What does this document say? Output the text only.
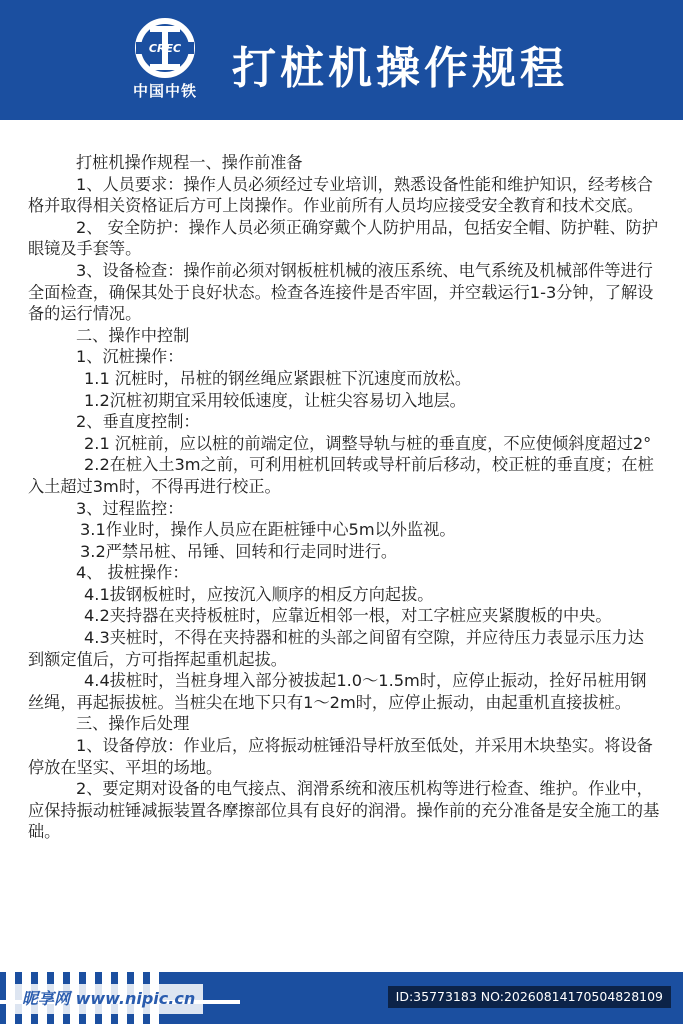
CREC
中国中铁 打桩机操作规程

打桩机操作规程一、操作前准备

1、人员要求：操作人员必须经过专业培训，熟悉设备性能和维护知识，经考核合格并取得相关资格证后方可上岗操作。作业前所有人员均应接受安全教育和技术交底。

2、 安全防护：操作人员必须正确穿戴个人防护用品，包括安全帽、防护鞋、防护眼镜及手套等。

3、设备检查：操作前必须对钢板桩机械的液压系统、电气系统及机械部件等进行全面检查，确保其处于良好状态。检查各连接件是否牢固，并空载运行1-3分钟，了解设备的运行情况。

二、操作中控制

1、沉桩操作：

1.1 沉桩时，吊桩的钢丝绳应紧跟桩下沉速度而放松。

1.2沉桩初期宜采用较低速度，让桩尖容易切入地层。

2、垂直度控制：

2.1 沉桩前，应以桩的前端定位，调整导轨与桩的垂直度，不应使倾斜度超过2°

2.2在桩入土3m之前，可利用桩机回转或导杆前后移动，校正桩的垂直度；在桩入土超过3m时，不得再进行校正。

3、过程监控：

3.1作业时，操作人员应在距桩锤中心5m以外监视。

3.2严禁吊桩、吊锤、回转和行走同时进行。

4、 拔桩操作：

4.1拔钢板桩时，应按沉入顺序的相反方向起拔。

4.2夹持器在夹持板桩时，应靠近相邻一根，对工字桩应夹紧腹板的中央。

4.3夹桩时，不得在夹持器和桩的头部之间留有空隙，并应待压力表显示压力达到额定值后，方可指挥起重机起拔。

4.4拔桩时，当桩身埋入部分被拔起1.0～1.5m时，应停止振动，拴好吊桩用钢丝绳，再起振拔桩。当桩尖在地下只有1～2m时，应停止振动，由起重机直接拔桩。

三、操作后处理

1、设备停放：作业后，应将振动桩锤沿导杆放至低处，并采用木块垫实。将设备停放在坚实、平坦的场地。

2、要定期对设备的电气接点、润滑系统和液压机构等进行检查、维护。作业中，应保持振动桩锤减振装置各摩擦部位具有良好的润滑。操作前的充分准备是安全施工的基础。

昵享网 www.nipic.cn	ID:35773183 NO:20260814170504828109
